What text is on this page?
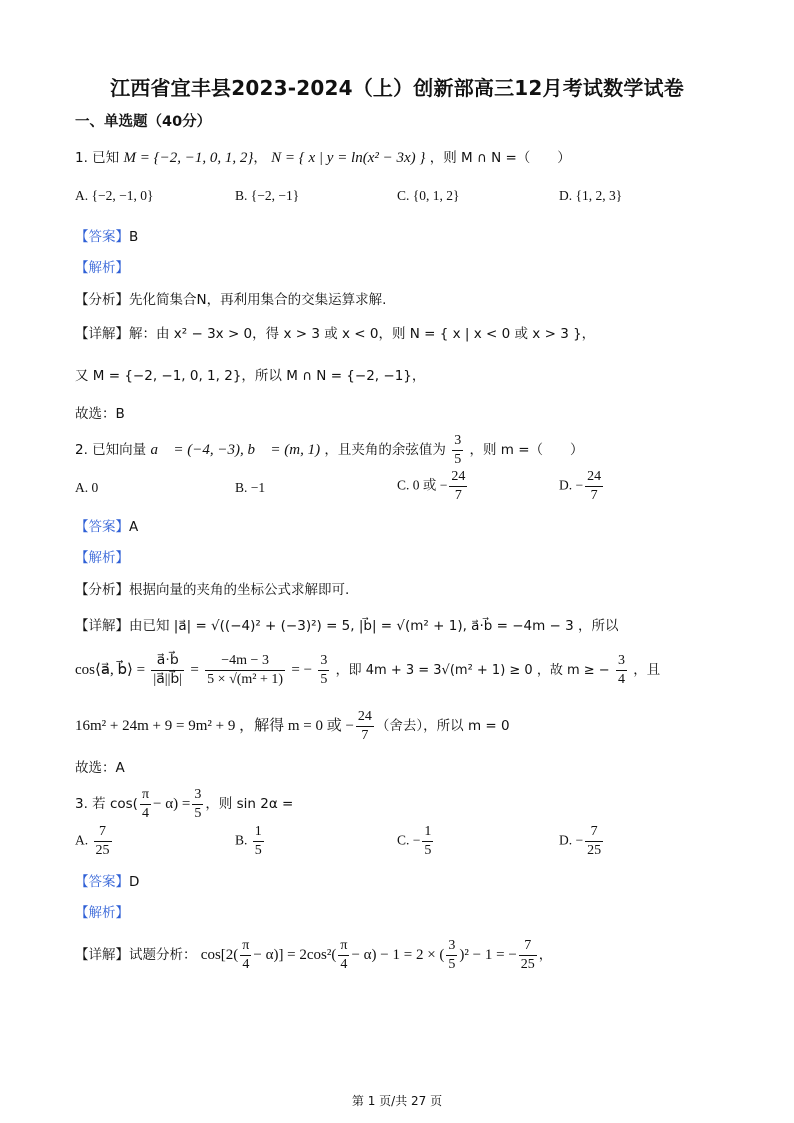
江西省宜丰县2023-2024（上）创新部高三12月考试数学试卷
一、单选题（40分）
1. 已知 M = {−2, −1, 0, 1, 2}， N = { x | y = ln(x² − 3x) } ，则 M ∩ N =（　　）
A. {−2, −1, 0}	B. {−2, −1}	C. {0, 1, 2}	D. {1, 2, 3}
【答案】B
【解析】
【分析】先化简集合N，再利用集合的交集运算求解.
【详解】解：由 x² − 3x > 0，得 x > 3 或 x < 0，则 N = { x | x < 0 或 x > 3 }，
又 M = {−2, −1, 0, 1, 2}，所以 M ∩ N = {−2, −1}，
故选：B
2. 已知向量 a⃗ = (−4, −3), b⃗ = (m, 1) ，且夹角的余弦值为 $\frac{3}{5}$ ，则 m =（　　）
A. 0	B. −1	C. 0 或 − $\frac{24}{7}$	D. − $\frac{24}{7}$
【答案】A
【解析】
【分析】根据向量的夹角的坐标公式求解即可.
【详解】由已知 |a⃗| = √((−4)² + (−3)²) = 5, |b⃗| = √(m² + 1), a⃗·b⃗ = −4m − 3 ，所以
cos⟨a⃗, b⃗⟩ = $\frac{a⃗\cdot b⃗}{|a⃗||b⃗|} = \frac{-4m - 3}{\text{5 × √(m² + 1)}}$ = − $\frac{3}{5}$ ，即 4m + 3 = 3√(m² + 1) ≥ 0 ，故 m ≥ − $\frac{3}{4}$ ，且
16m² + 24m + 9 = 9m² + 9 ，解得 m = 0 或 − $\frac{24}{7}$ （舍去），所以 m = 0
故选：A
3. 若 $\cos( \frac{\pi}{4} - \alpha) = \frac{3}{5}$ ，则 sin 2α =
A. $\frac{7}{25}$	B. $\frac{1}{5}$	C. − $\frac{1}{5}$	D. − $\frac{7}{25}$
【答案】D
【解析】
【详解】试题分析： $\cos[2( \frac{\pi}{4} - \alpha)] = 2\cos^2( \frac{\pi}{4} - \alpha) - 1 = 2$ × ( $\frac{3}{5} )^2 - 1$ = − $\frac{7}{25}$ ，
第 1 页/共 27 页
